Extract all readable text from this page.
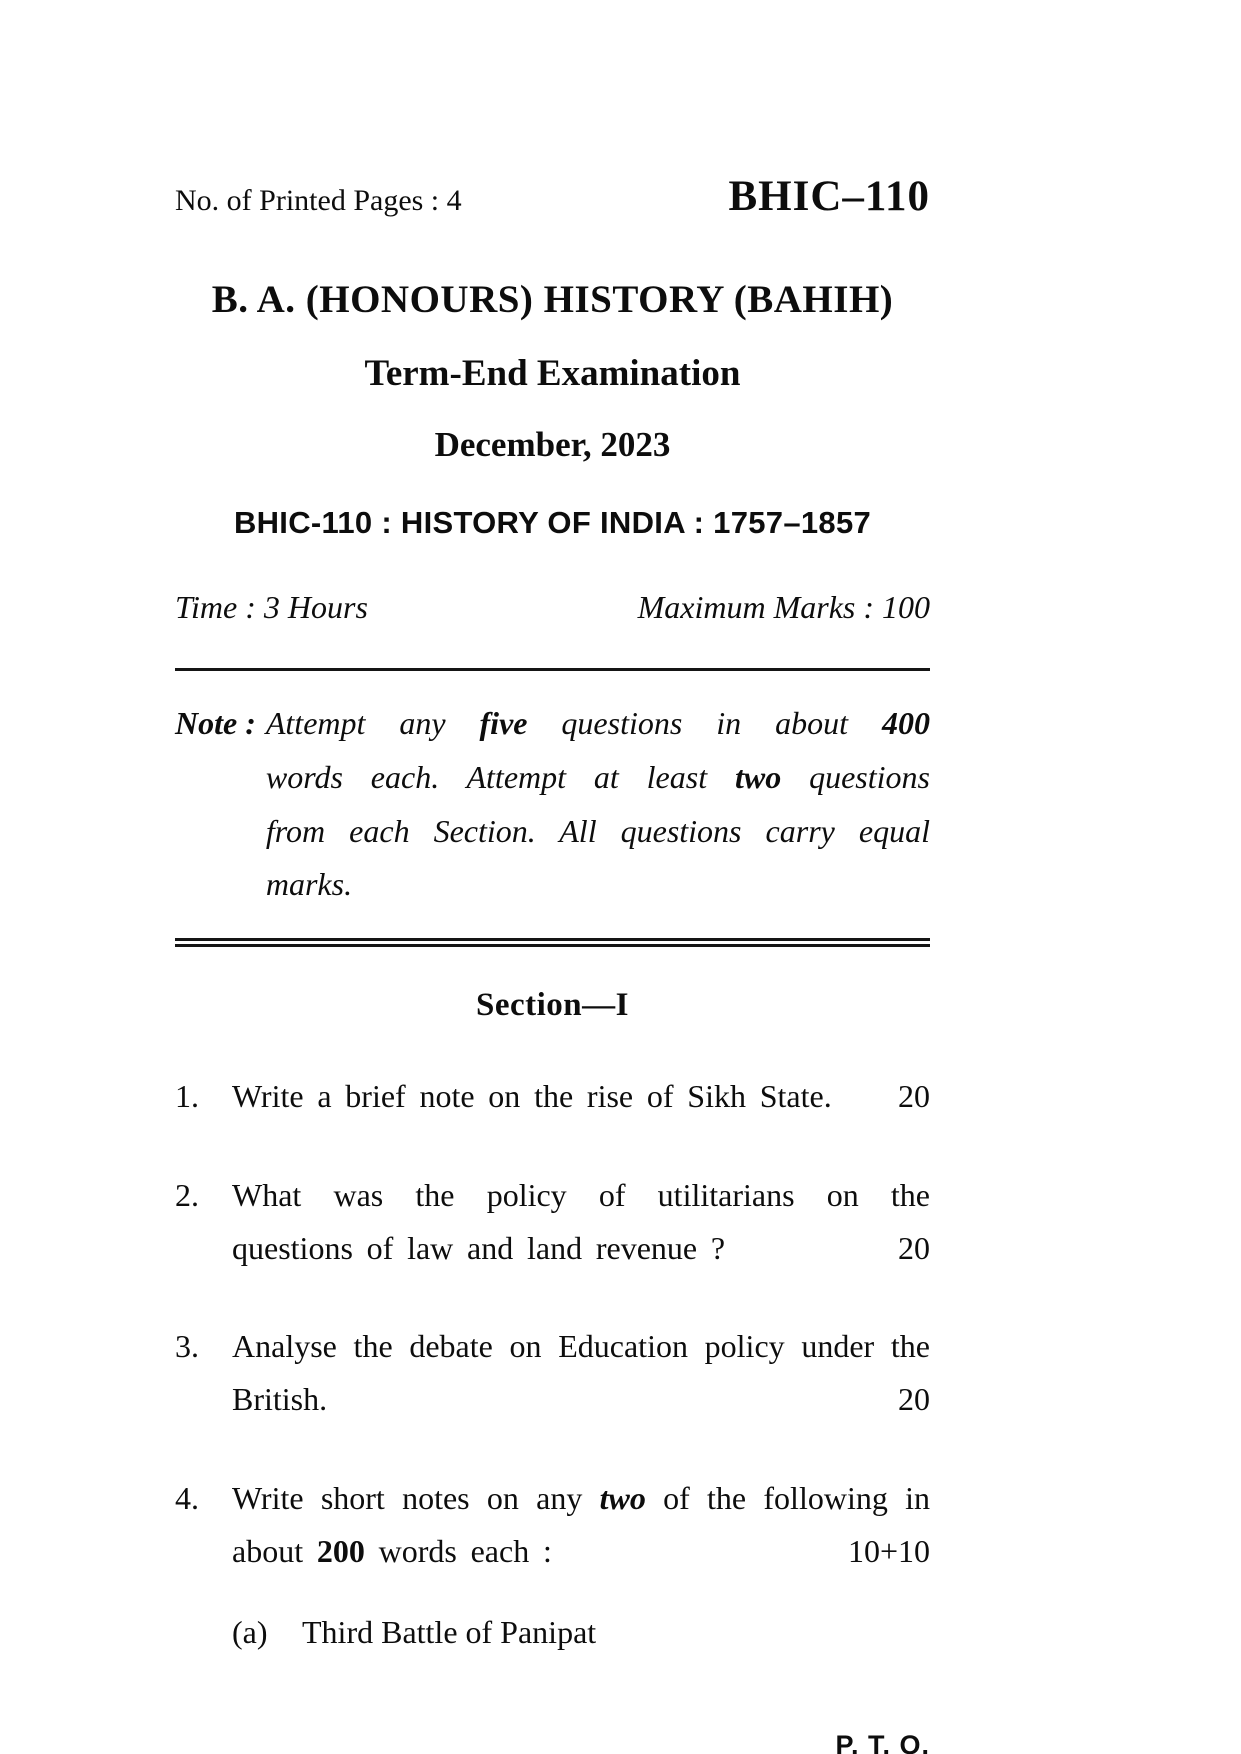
No. of Printed Pages : 4	BHIC–110
B. A. (HONOURS) HISTORY (BAHIH)
Term-End Examination
December, 2023
BHIC-110 : HISTORY OF INDIA : 1757–1857
Time : 3 Hours	Maximum Marks : 100
Note : Attempt any five questions in about 400 words each. Attempt at least two questions from each Section. All questions carry equal marks.
Section—I
1.	Write a brief note on the rise of Sikh State. 20

2.	What was the policy of utilitarians on the questions of law and land revenue ?	20

3.	Analyse the debate on Education policy under the British.	20

4.	Write short notes on any two of the following in about 200 words each :	10+10

(a)	Third Battle of Panipat
P. T. O.
